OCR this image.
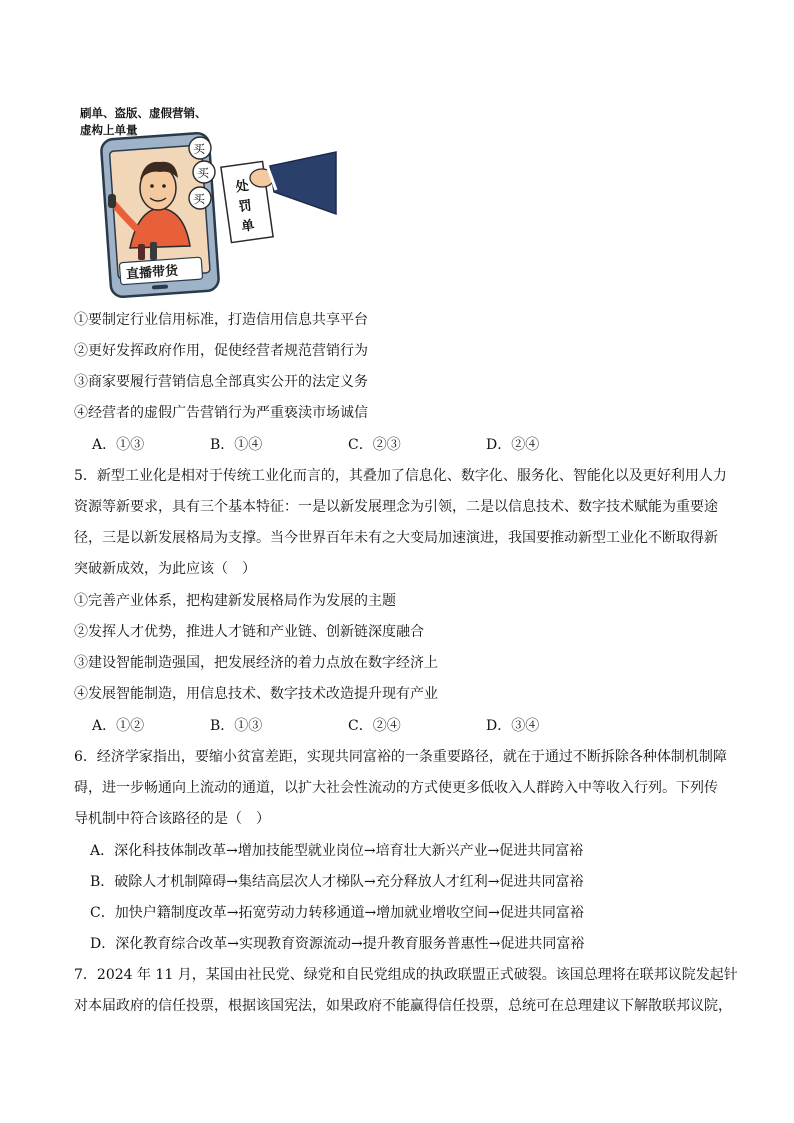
直播带货
买
买
买
处
罚
单
刷单、盗版、虚假营销、
虚构上单量
①要制定行业信用标准，打造信用信息共享平台
②更好发挥政府作用，促使经营者规范营销行为
③商家要履行营销信息全部真实公开的法定义务
④经营者的虚假广告营销行为严重亵渎市场诚信
A．①③	B．①④	C．②③	D．②④
5．新型工业化是相对于传统工业化而言的，其叠加了信息化、数字化、服务化、智能化以及更好利用人力
资源等新要求，具有三个基本特征：一是以新发展理念为引领，二是以信息技术、数字技术赋能为重要途
径，三是以新发展格局为支撑。当今世界百年未有之大变局加速演进，我国要推动新型工业化不断取得新
突破新成效，为此应该（　）
①完善产业体系，把构建新发展格局作为发展的主题
②发挥人才优势，推进人才链和产业链、创新链深度融合
③建设智能制造强国，把发展经济的着力点放在数字经济上
④发展智能制造，用信息技术、数字技术改造提升现有产业
A．①②	B．①③	C．②④	D．③④
6．经济学家指出，要缩小贫富差距，实现共同富裕的一条重要路径，就在于通过不断拆除各种体制机制障
碍，进一步畅通向上流动的通道，以扩大社会性流动的方式使更多低收入人群跨入中等收入行列。下列传
导机制中符合该路径的是（　）
A．深化科技体制改革→增加技能型就业岗位→培育壮大新兴产业→促进共同富裕
B．破除人才机制障碍→集结高层次人才梯队→充分释放人才红利→促进共同富裕
C．加快户籍制度改革→拓宽劳动力转移通道→增加就业增收空间→促进共同富裕
D．深化教育综合改革→实现教育资源流动→提升教育服务普惠性→促进共同富裕
7．2024 年 11 月，某国由社民党、绿党和自民党组成的执政联盟正式破裂。该国总理将在联邦议院发起针
对本届政府的信任投票，根据该国宪法，如果政府不能赢得信任投票，总统可在总理建议下解散联邦议院，
